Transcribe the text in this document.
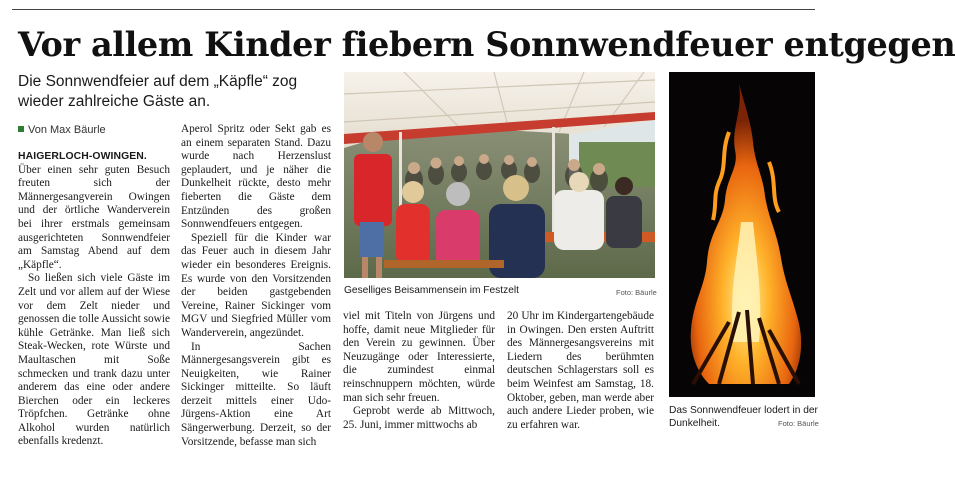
Vor allem Kinder fiebern Sonnwendfeuer entgegen

Die Sonnwendfeier auf dem „Käpfle“ zog wieder zahlreiche Gäste an.

Von Max Bäurle

HAIGERLOCH-OWINGEN. Über einen sehr guten Besuch freuten sich der Männergesangverein Owingen und der örtliche Wanderverein bei ihrer erstmals gemeinsam ausgerichteten Sonnwendfeier am Samstag Abend auf dem „Käpfle“.

So ließen sich viele Gäste im Zelt und vor allem auf der Wiese vor dem Zelt nieder und genossen die tolle Aussicht sowie kühle Getränke. Man ließ sich Steak-Wecken, rote Würste und Maultaschen mit Soße schmecken und trank dazu unter anderem das eine oder andere Bierchen oder ein leckeres Tröpfchen. Getränke ohne Alkohol wurden natürlich ebenfalls kredenzt.

Aperol Spritz oder Sekt gab es an einem separaten Stand. Dazu wurde nach Herzenslust geplaudert, und je näher die Dunkelheit rückte, desto mehr fieberten die Gäste dem Entzünden des großen Sonnwendfeuers entgegen.

Speziell für die Kinder war das Feuer auch in diesem Jahr wieder ein besonderes Ereignis. Es wurde von den Vorsitzenden der beiden gastgebenden Vereine, Rainer Sickinger vom MGV und Siegfried Müller vom Wanderverein, angezündet.

In Sachen Männergesangsverein gibt es Neuigkeiten, wie Rainer Sickinger mitteilte. So läuft derzeit mittels einer Udo-Jürgens-Aktion eine Art Sängerwerbung. Derzeit, so der Vorsitzende, befasse man sich

Geselliges Beisammensein im Festzelt	Foto: Bäurle

viel mit Titeln von Jürgens und hoffe, damit neue Mitglieder für den Verein zu gewinnen. Über Neuzugänge oder Interessierte, die zumindest einmal reinschnuppern möchten, würde man sich sehr freuen.

Geprobt werde ab Mittwoch, 25. Juni, immer mittwochs ab

20 Uhr im Kindergartengebäude in Owingen. Den ersten Auftritt des Männergesangsvereins mit Liedern des berühmten deutschen Schlagerstars soll es beim Weinfest am Samstag, 18. Oktober, geben, man werde aber auch andere Lieder proben, wie zu erfahren war.

Das Sonnwendfeuer lodert in der Dunkelheit.	Foto: Bäurle
